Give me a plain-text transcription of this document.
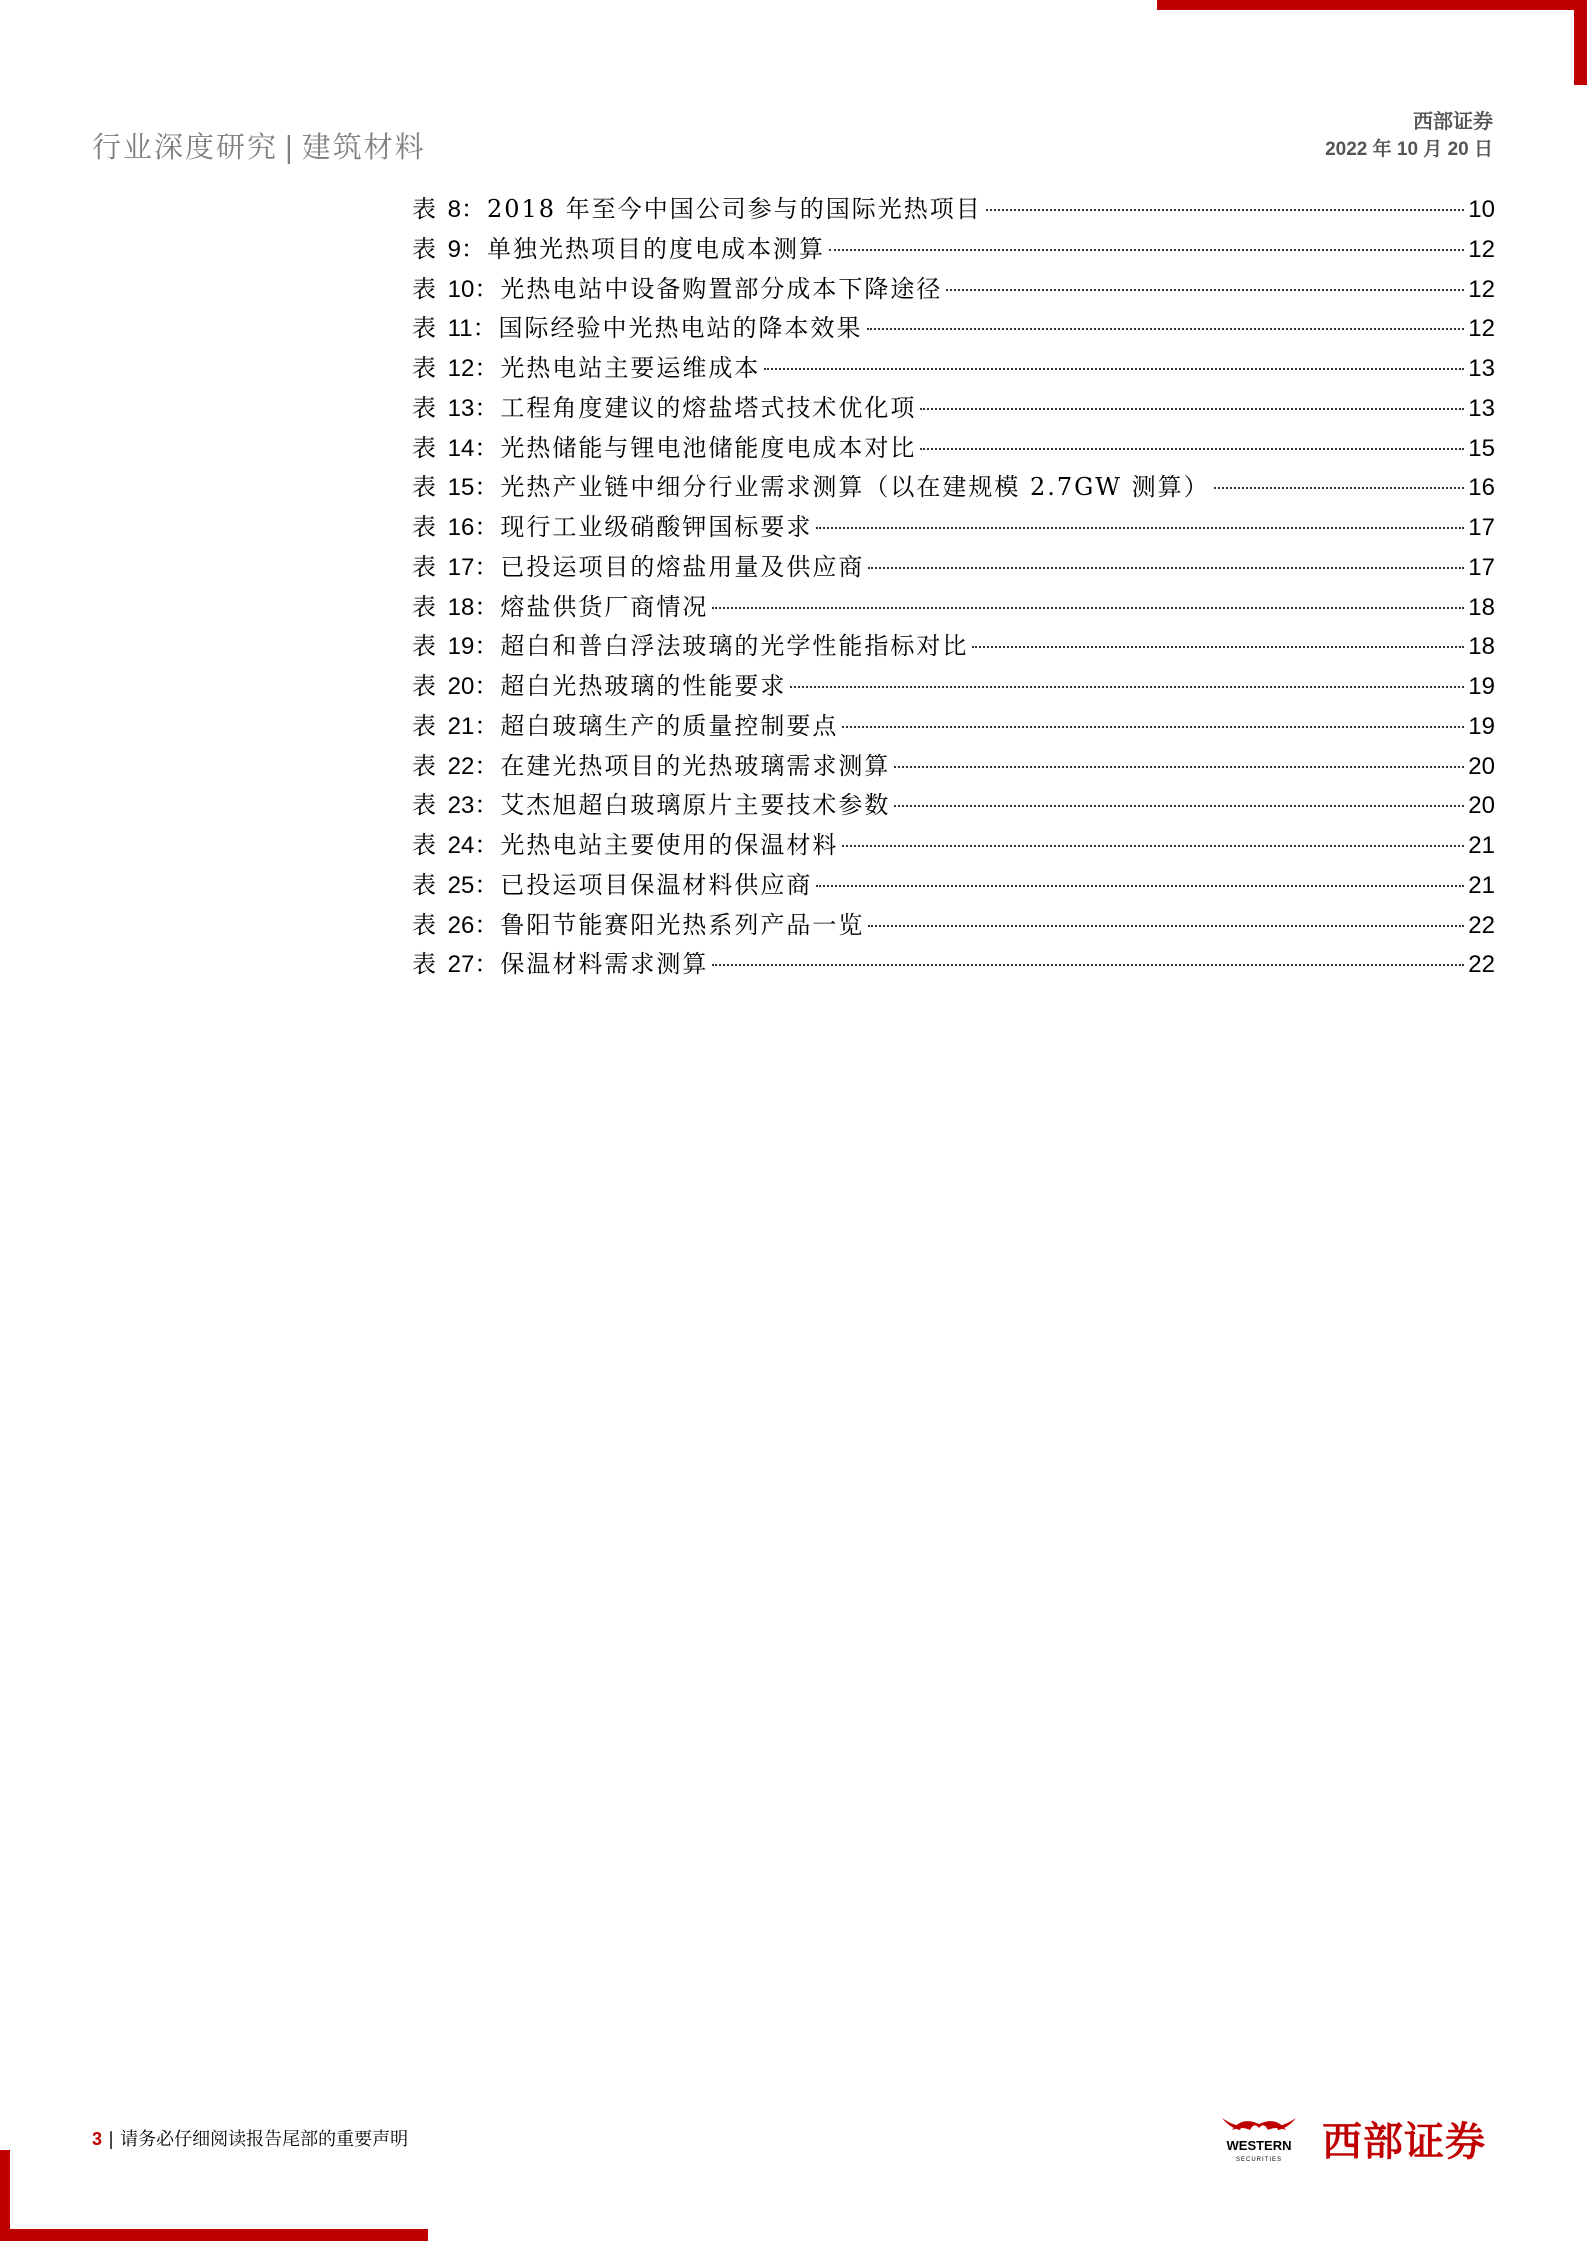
行业深度研究 | 建筑材料
西部证券
2022 年 10 月 20 日
表 8：2018 年至今中国公司参与的国际光热项目	10
表 9：单独光热项目的度电成本测算	12
表 10：光热电站中设备购置部分成本下降途径	12
表 11：国际经验中光热电站的降本效果	12
表 12：光热电站主要运维成本	13
表 13：工程角度建议的熔盐塔式技术优化项	13
表 14：光热储能与锂电池储能度电成本对比	15
表 15：光热产业链中细分行业需求测算（以在建规模 2.7GW 测算）	16
表 16：现行工业级硝酸钾国标要求	17
表 17：已投运项目的熔盐用量及供应商	17
表 18：熔盐供货厂商情况	18
表 19：超白和普白浮法玻璃的光学性能指标对比	18
表 20：超白光热玻璃的性能要求	19
表 21：超白玻璃生产的质量控制要点	19
表 22：在建光热项目的光热玻璃需求测算	20
表 23：艾杰旭超白玻璃原片主要技术参数	20
表 24：光热电站主要使用的保温材料	21
表 25：已投运项目保温材料供应商	21
表 26：鲁阳节能赛阳光热系列产品一览	22
表 27：保温材料需求测算	22
3 | 请务必仔细阅读报告尾部的重要声明	WESTERN
SECURITIES 西部证券
